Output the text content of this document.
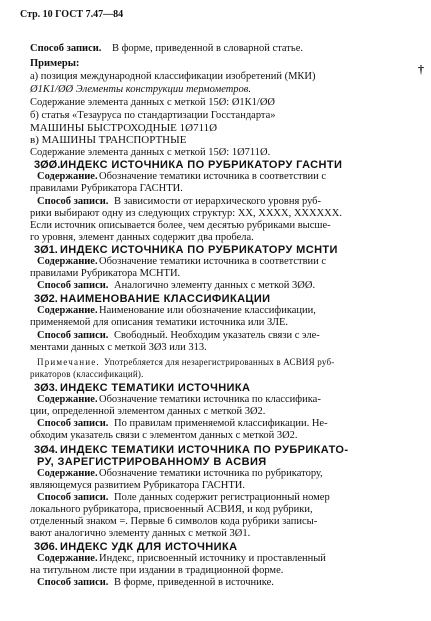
Стр. 10 ГОСТ 7.47—84
Способ записи. В форме, приведенной в словарной статье.
Примеры:
а) позиция международной классификации изобретений (МКИ)
†
Ø1К1/ØØ Элементы конструкции термометров.
Содержание элемента данных с меткой 15Ø: Ø1К1/ØØ
б) статья «Тезауруса по стандартизации Госстандарта»
МАШИНЫ БЫСТРОХОДНЫЕ 1Ø711Ø
в) МАШИНЫ ТРАНСПОРТНЫЕ
Содержание элемента данных с меткой 15Ø: 1Ø711Ø.
3ØØ. ИНДЕКС ИСТОЧНИКА ПО РУБРИКАТОРУ ГАСНТИ
Содержание. Обозначение тематики источника в соответствии с
правилами Рубрикатора ГАСНТИ.
Способ записи. В зависимости от иерархического уровня руб-
рики выбирают одну из следующих структур: XX, XXXX, XXXXXX.
Если источник описывается более, чем десятью рубриками высше-
го уровня, элемент данных содержит два пробела.
3Ø1. ИНДЕКС ИСТОЧНИКА ПО РУБРИКАТОРУ МСНТИ
Содержание. Обозначение тематики источника в соответствии с
правилами Рубрикатора МСНТИ.
Способ записи. Аналогично элементу данных с меткой 3ØØ.
3Ø2. НАИМЕНОВАНИЕ КЛАССИФИКАЦИИ
Содержание. Наименование или обозначение классификации,
применяемой для описания тематики источника или ЗЛЕ.
Способ записи. Свободный. Необходим указатель связи с эле-
ментами данных с меткой 3Ø3 или 313.
Примечание. Употребляется для незарегистрированных в АСВИЯ руб-
рикаторов (классификаций).
3Ø3. ИНДЕКС ТЕМАТИКИ ИСТОЧНИКА
Содержание. Обозначение тематики источника по классифика-
ции, определенной элементом данных с меткой 3Ø2.
Способ записи. По правилам применяемой классификации. Не-
обходим указатель связи с элементом данных с меткой 3Ø2.
3Ø4. ИНДЕКС ТЕМАТИКИ ИСТОЧНИКА ПО РУБРИКАТО-
РУ, ЗАРЕГИСТРИРОВАННОМУ В АСВИЯ
Содержание. Обозначение тематики источника по рубрикатору,
являющемуся развитием Рубрикатора ГАСНТИ.
Способ записи. Поле данных содержит регистрационный номер
локального рубрикатора, присвоенный АСВИЯ, и код рубрики,
отделенный знаком =. Первые 6 символов кода рубрики записы-
вают аналогично элементу данных с меткой 3Ø1.
3Ø6. ИНДЕКС УДК ДЛЯ ИСТОЧНИКА
Содержание. Индекс, присвоенный источнику и проставленный
на титульном листе при издании в традиционной форме.
Способ записи. В форме, приведенной в источнике.
